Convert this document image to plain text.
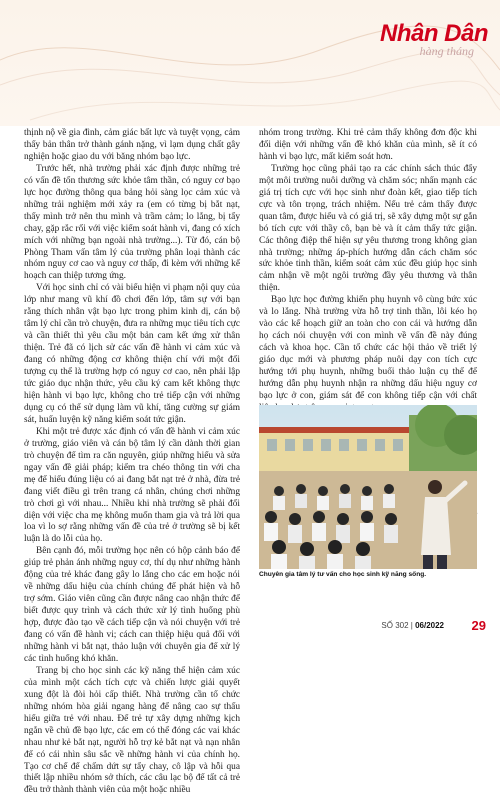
Nhân Dân
hàng tháng

thịnh nộ về gia đình, cảm giác bất lực và tuyệt vọng, cảm thấy bản thân trở thành gánh nặng, vì lạm dụng chất gây nghiện hoặc giao du với băng nhóm bạo lực.

Trước hết, nhà trường phải xác định được những trẻ có vấn đề tổn thương sức khỏe tâm thần, có nguy cơ bạo lực học đường thông qua bảng hỏi sàng lọc cảm xúc và những trải nghiệm mới xảy ra (em có từng bị bắt nạt, thấy mình trở nên thu mình và trầm cảm; lo lắng, bị tẩy chay, gặp rắc rối với việc kiểm soát hành vi, đang có xích mích với những bạn ngoài nhà trường...). Từ đó, cán bộ Phòng Tham vấn tâm lý của trường phân loại thành các nhóm nguy cơ cao và nguy cơ thấp, đi kèm với những kế hoạch can thiệp tương ứng.

Với học sinh chỉ có vài biểu hiện vi phạm nội quy của lớp như mang vũ khí đồ chơi đến lớp, tâm sự với bạn rằng thích nhân vật bạo lực trong phim kinh dị, cán bộ tâm lý chỉ cần trò chuyện, đưa ra những mục tiêu tích cực và cần thiết thì yêu cầu một bản cam kết ứng xử thân thiện. Trẻ đã có lịch sử các vấn đề hành vi cảm xúc và đang có những động cơ không thiện chí với một đối tượng cụ thể là trường hợp có nguy cơ cao, nên phải lập tức giáo dục nhận thức, yêu cầu ký cam kết không thực hiện hành vi bạo lực, không cho trẻ tiếp cận với những dụng cụ có thể sử dụng làm vũ khí, tăng cường sự giám sát, huấn luyện kỹ năng kiểm soát tức giận.

Khi một trẻ được xác định có vấn đề hành vi cảm xúc ở trường, giáo viên và cán bộ tâm lý cần dành thời gian trò chuyện để tìm ra căn nguyên, giúp những hiểu và sửa ngay vấn đề giải pháp; kiểm tra chéo thông tin với cha mẹ để hiểu đúng liệu có ai đang bắt nạt trẻ ở nhà, đừa trẻ đang viết điều gì trên trang cá nhân, chúng chơi những trò chơi gì với nhau... Nhiều khi nhà trường sẽ phải đối diện với việc cha mẹ không muốn tham gia và trả lời qua loa vì lo sợ rằng những vấn đề của trẻ ở trường sẽ bị kết luận là do lỗi của họ.

Bên cạnh đó, mỗi trường học nên có hộp cảnh báo để giúp trẻ phản ánh những nguy cơ, thí dụ như những hành động của trẻ khác đang gây lo lắng cho các em hoặc nói về những dấu hiệu của chính chúng để phát hiện và hỗ trợ sớm. Giáo viên cũng cần được nâng cao nhận thức để biết được quy trình và cách thức xử lý tình huống phù hợp, được đào tạo về cách tiếp cận và nói chuyện với trẻ đang có vấn đề hành vi; cách can thiệp hiệu quả đối với những hành vi bắt nạt, thảo luận với chuyên gia để xử lý các tình huống khó khăn.

Trang bị cho học sinh các kỹ năng thể hiện cảm xúc của mình một cách tích cực và chiến lược giải quyết xung đột là đòi hỏi cấp thiết. Nhà trường cần tổ chức những nhóm hòa giải ngang hàng để nâng cao sự thấu hiểu giữa trẻ với nhau. Để trẻ tự xây dựng những kịch ngắn về chủ đề bạo lực, các em có thể đóng các vai khác nhau như kẻ bắt nạt, người hỗ trợ kẻ bắt nạt và nạn nhân để có cái nhìn sâu sắc về những hành vi của chính họ. Tạo cơ chế để chấm dứt sự tẩy chay, cô lập và hỗi qua thiết lập nhiều nhóm sở thích, các câu lạc bộ để tất cả trẻ đều trở thành thành viên của một hoặc nhiều

nhóm trong trường. Khi trẻ cảm thấy không đơn độc khi đối diện với những vấn đề khó khăn của mình, sẽ ít có hành vi bạo lực, mất kiểm soát hơn.

Trường học cũng phải tạo ra các chính sách thúc đẩy một môi trường nuôi dưỡng và chăm sóc; nhấn mạnh các giá trị tích cực với học sinh như đoàn kết, giao tiếp tích cực và tôn trọng, trách nhiệm. Nếu trẻ cảm thấy được quan tâm, được hiểu và có giá trị, sẽ xây dựng một sự gắn bó tích cực với thầy cô, bạn bè và ít cảm thấy tức giận. Các thông điệp thể hiện sự yêu thương trong không gian nhà trường; những áp-phích hướng dẫn cách chăm sóc sức khỏe tinh thần, kiểm soát cảm xúc đều giúp học sinh cảm nhận về một ngôi trường đầy yêu thương và thân thiện.

Bạo lực học đường khiến phụ huynh vô cùng bức xúc và lo lắng. Nhà trường vừa hỗ trợ tinh thần, lôi kéo họ vào các kế hoạch giữ an toàn cho con cái và hướng dẫn họ cách nói chuyện với con mình về vấn đề này đúng cách và khoa học. Cần tổ chức các hội thảo về triết lý giáo dục mới và phương pháp nuôi dạy con tích cực hướng tới phụ huynh, những buổi thảo luận cụ thể để hướng dẫn phụ huynh nhận ra những dấu hiệu nguy cơ bạo lực ở con, giám sát để con không tiếp cận với chất

Chuyên gia tâm lý tư vấn cho học sinh kỹ năng sống.
SỐ 302 | 06/2022 29
